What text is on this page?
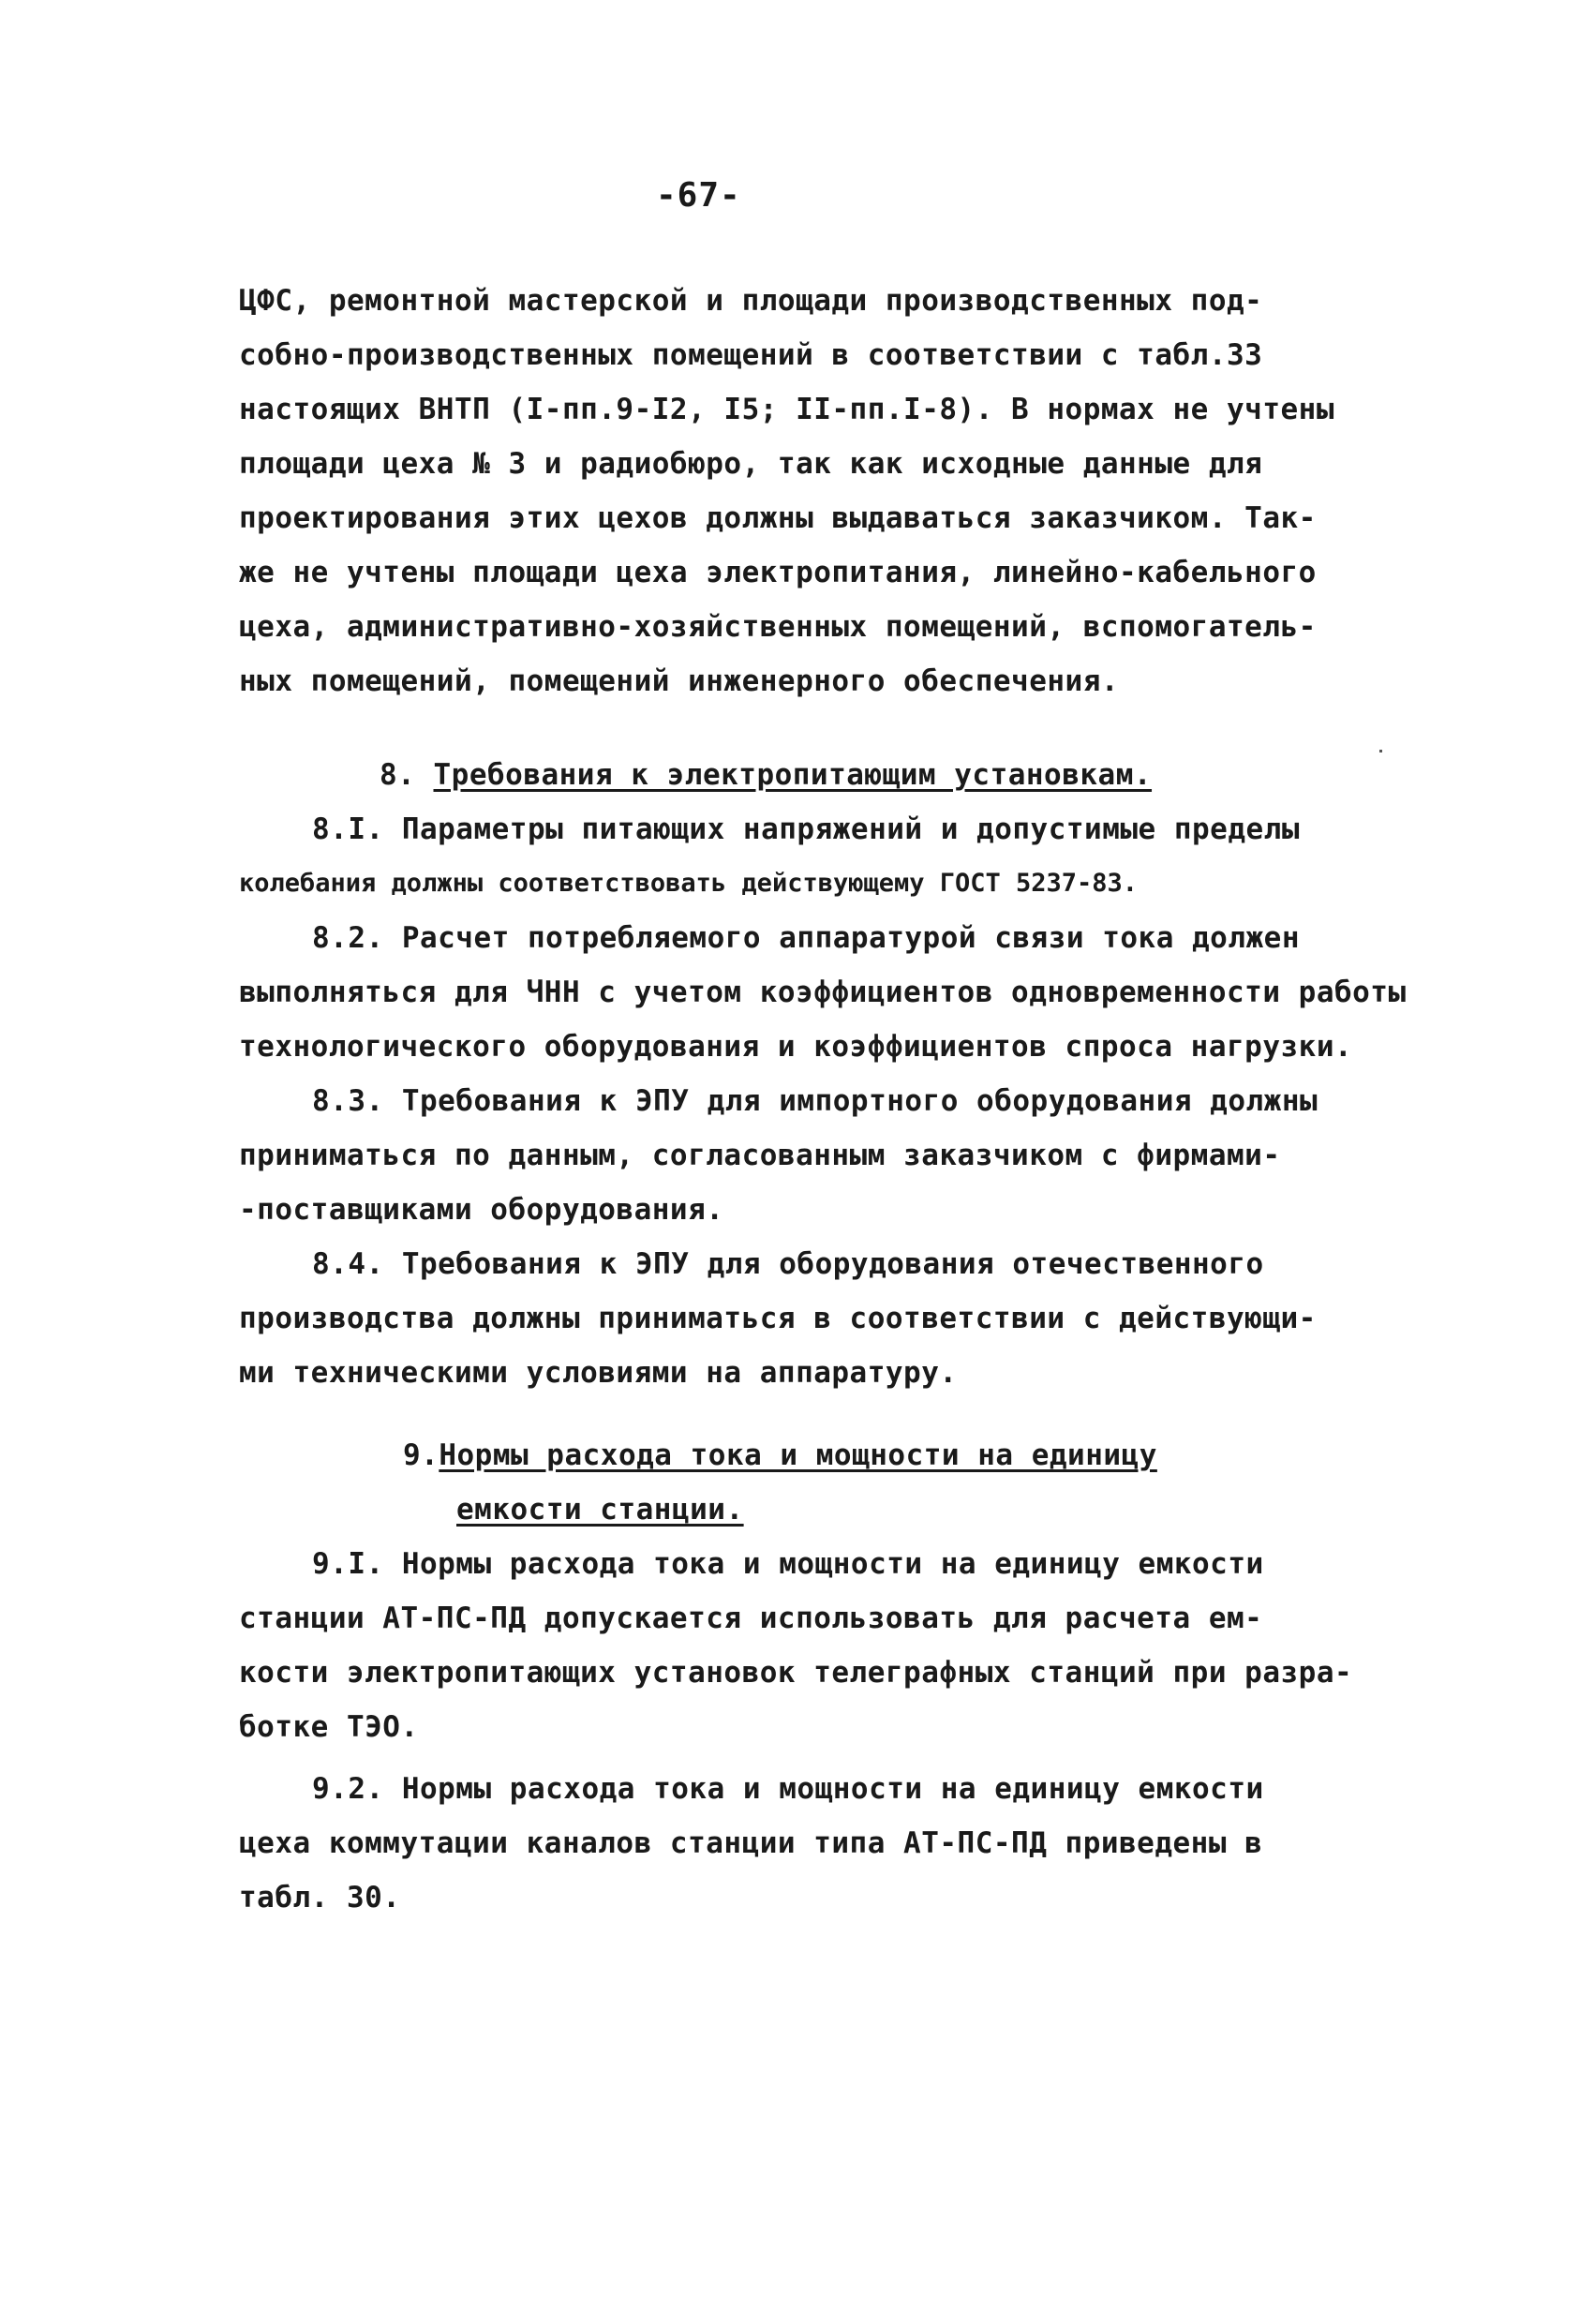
-67-
ЦФС, ремонтной мастерской и площади производственных под-
собно-производственных помещений в соответствии с табл.33
настоящих ВНТП (I-пп.9-I2, I5; II-пп.I-8). В нормах не учтены
площади цеха № 3 и радиобюро, так как исходные данные для
проектирования этих цехов должны выдаваться заказчиком. Так-
же не учтены площади цеха электропитания, линейно-кабельного
цеха, административно-хозяйственных помещений, вспомогатель-
ных помещений, помещений инженерного обеспечения.
8. Требования к электропитающим установкам.
8.I. Параметры питающих напряжений и допустимые пределы
колебания должны соответствовать действующему ГОСТ 5237-83.
8.2. Расчет потребляемого аппаратурой связи тока должен
выполняться для ЧНН с учетом коэффициентов одновременности работы
технологического оборудования и коэффициентов спроса нагрузки.
8.3. Требования к ЭПУ для импортного оборудования должны
приниматься по данным, согласованным заказчиком с фирмами-
-поставщиками оборудования.
8.4. Требования к ЭПУ для оборудования отечественного
производства должны приниматься в соответствии с действующи-
ми техническими условиями на аппаратуру.
9.Нормы расхода тока и мощности на единицу
емкости станции.
9.I. Нормы расхода тока и мощности на единицу емкости
станции АТ-ПС-ПД допускается использовать для расчета ем-
кости электропитающих установок телеграфных станций при разра-
ботке ТЭО.
9.2. Нормы расхода тока и мощности на единицу емкости
цеха коммутации каналов станции типа АТ-ПС-ПД приведены в
табл. 30.
